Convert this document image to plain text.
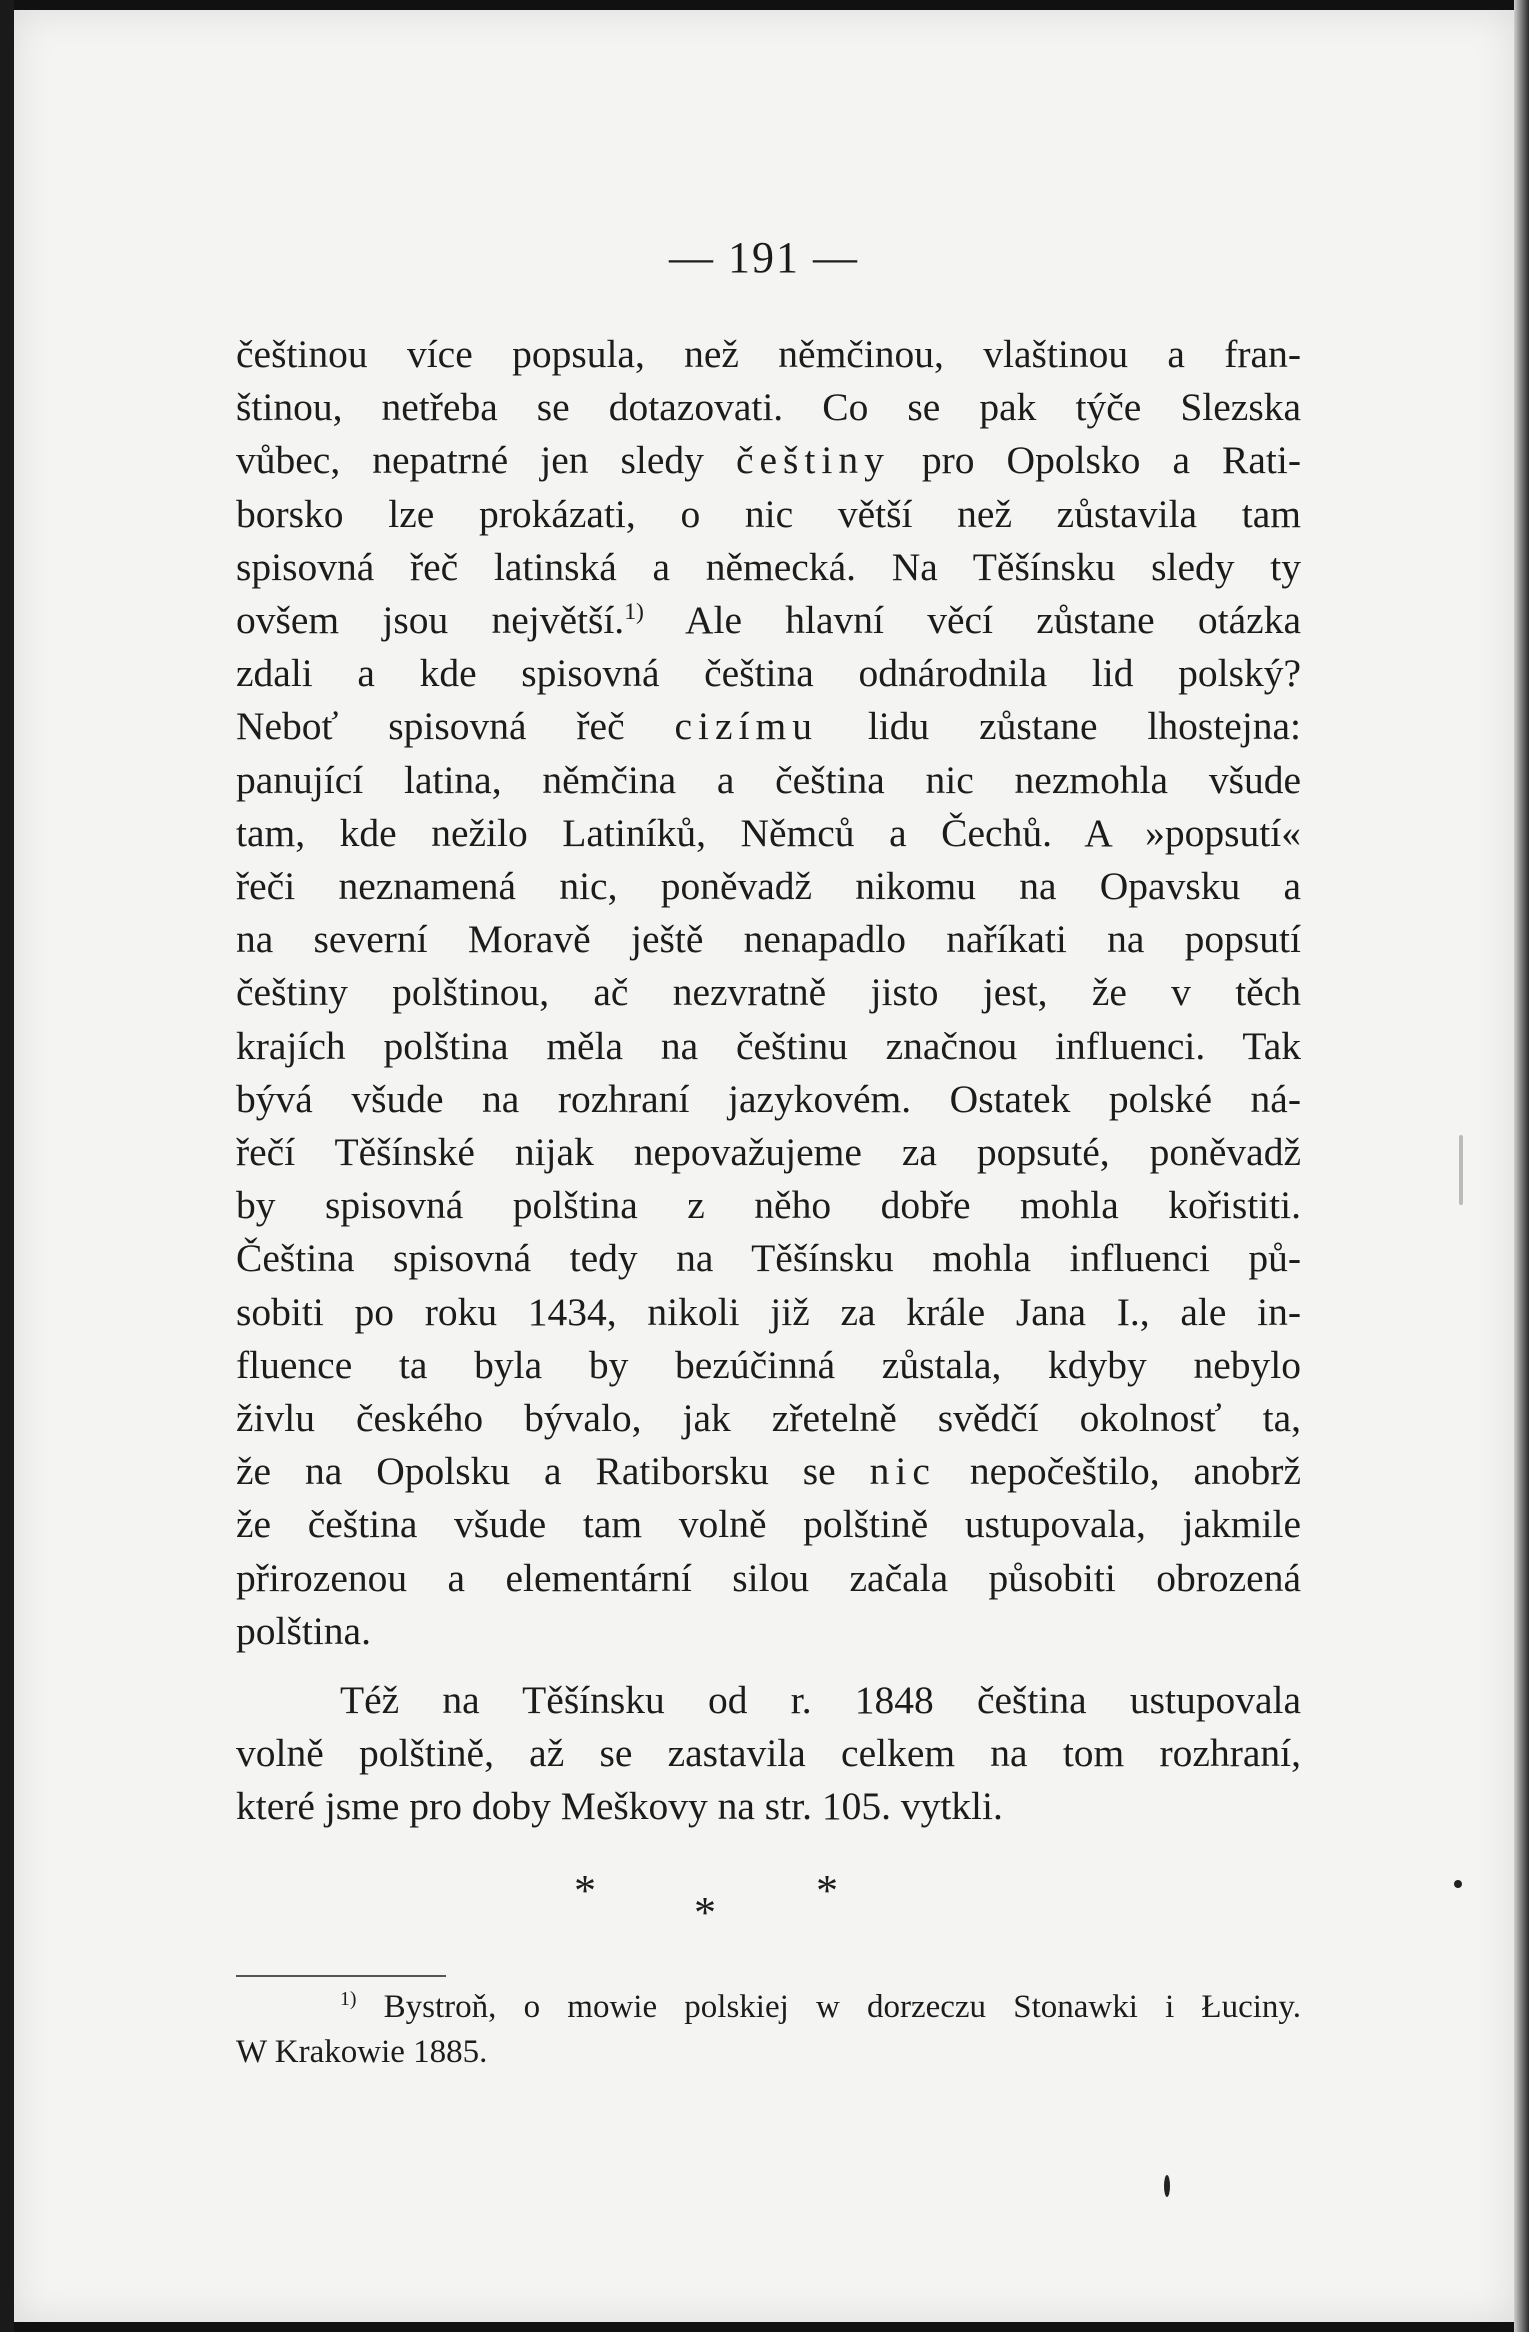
— 191 —

češtinou více popsula, než němčinou, vlaštinou a fran-
štinou, netřeba se dotazovati. Co se pak týče Slezska
vůbec, nepatrné jen sledy češtiny pro Opolsko a Rati-
borsko lze prokázati, o nic větší než zůstavila tam
spisovná řeč latinská a německá. Na Těšínsku sledy ty
ovšem jsou největší.$^{1)}$ Ale hlavní věcí zůstane otázka
zdali a kde spisovná čeština odnárodnila lid polský?
Neboť spisovná řeč cizímu lidu zůstane lhostejna:
panující latina, němčina a čeština nic nezmohla všude
tam, kde nežilo Latiníků, Němců a Čechů. A »popsutí«
řeči neznamená nic, poněvadž nikomu na Opavsku a
na severní Moravě ještě nenapadlo naříkati na popsutí
češtiny polštinou, ač nezvratně jisto jest, že v těch
krajích polština měla na češtinu značnou influenci. Tak
bývá všude na rozhraní jazykovém. Ostatek polské ná-
řečí Těšínské nijak nepovažujeme za popsuté, poněvadž
by spisovná polština z něho dobře mohla kořistiti.
Čeština spisovná tedy na Těšínsku mohla influenci pů-
sobiti po roku 1434, nikoli již za krále Jana I., ale in-
fluence ta byla by bezúčinná zůstala, kdyby nebylo
živlu českého bývalo, jak zřetelně svědčí okolnosť ta,
že na Opolsku a Ratiborsku se nic nepočeštilo, anobrž
že čeština všude tam volně polštině ustupovala, jakmile
přirozenou a elementární silou začala působiti obrozená
polština.

Též na Těšínsku od r. 1848 čeština ustupovala
volně polštině, až se zastavila celkem na tom rozhraní,
které jsme pro doby Meškovy na str. 105. vytkli.

* * *
$^{1)}$ Bystroň, o mowie polskiej w dorzeczu Stonawki i Łuciny.
W Krakowie 1885.
